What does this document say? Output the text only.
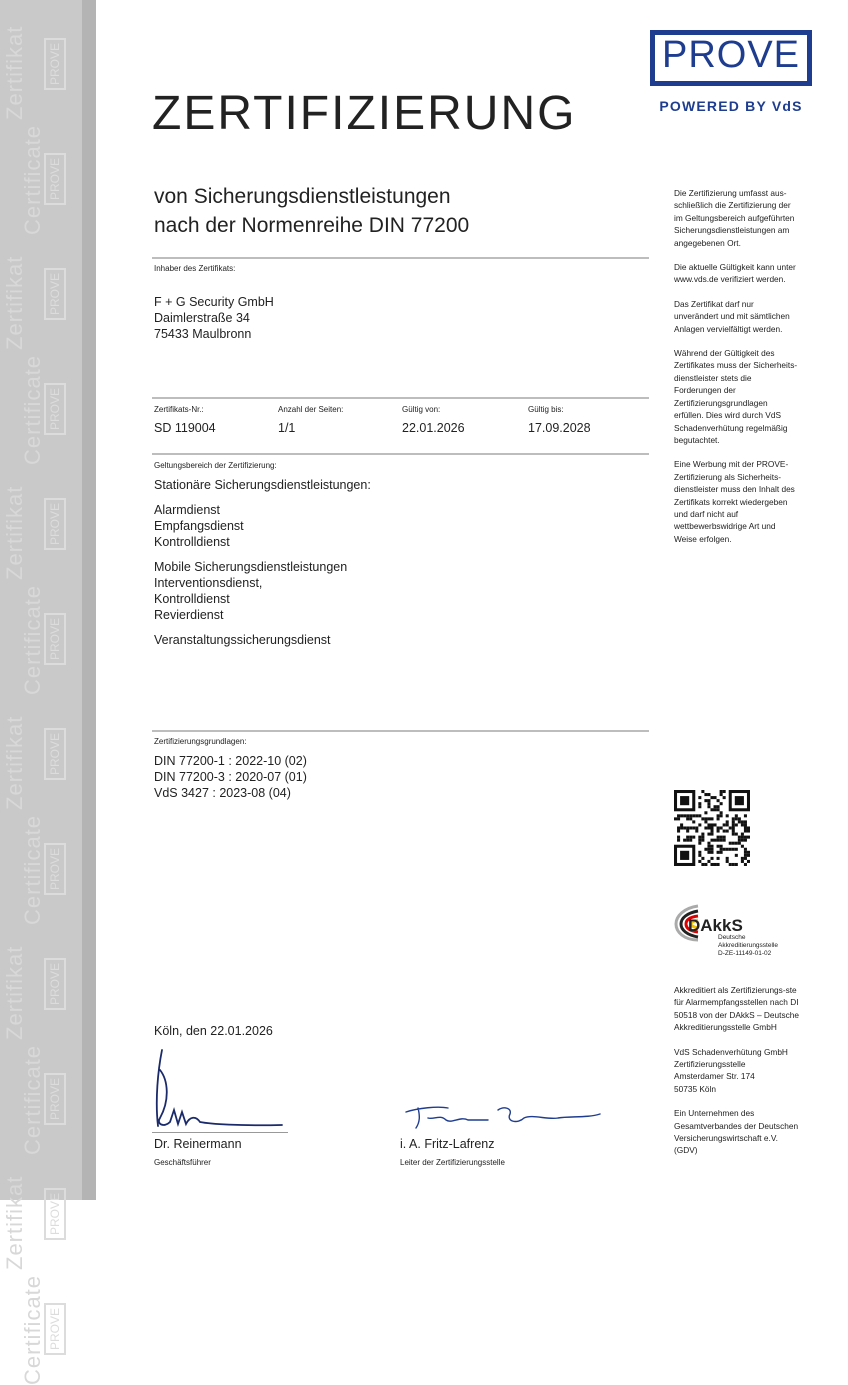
Zertifikat	PROVE
Certificate PROVE
Zertifikat	PROVE
Certificate PROVE
Zertifikat	PROVE
Certificate PROVE
Zertifikat	PROVE
Certificate PROVE
Zertifikat	PROVE
Certificate PROVE
Zertifikat	PROVE
Certificate PROVE
PROVE
POWERED BY VdS
ZERTIFIZIERUNG
von Sicherungsdienstleistungen
nach der Normenreihe DIN 77200
Inhaber des Zertifikats:
F + G Security GmbH
Daimlerstraße 34
75433 Maulbronn
Zertifikats-Nr.:
SD 119004
Anzahl der Seiten:
1/1
Gültig von:
22.01.2026
Gültig bis:
17.09.2028
Geltungsbereich der Zertifizierung:
Stationäre Sicherungsdienstleistungen:
Alarmdienst
Empfangsdienst
Kontrolldienst
Mobile Sicherungsdienstleistungen
Interventionsdienst,
Kontrolldienst
Revierdienst
Veranstaltungssicherungsdienst
Zertifizierungsgrundlagen:
DIN 77200-1 : 2022-10 (02)
DIN 77200-3 : 2020-07 (01)
VdS 3427 : 2023-08 (04)
Köln, den 22.01.2026
Dr. Reinermann
Geschäftsführer
i. A. Fritz-Lafrenz
Leiter der Zertifizierungsstelle

Die Zertifizierung umfasst aus-
schließlich die Zertifizierung der
im Geltungsbereich aufgeführten
Sicherungsdienstleistungen am
angegebenen Ort.

Die aktuelle Gültigkeit kann unter
www.vds.de verifiziert werden.

Das Zertifikat darf nur
unverändert und mit sämtlichen
Anlagen vervielfältigt werden.

Während der Gültigkeit des
Zertifikates muss der Sicherheits-
dienstleister stets die
Forderungen der
Zertifizierungsgrundlagen
erfüllen. Dies wird durch VdS
Schadenverhütung regelmäßig
begutachtet.

Eine Werbung mit der PROVE-
Zertifizierung als Sicherheits-
dienstleister muss den Inhalt des
Zertifikats korrekt wiedergeben
und darf nicht auf
wettbewerbswidrige Art und
Weise erfolgen.

DAkkS
Deutsche
Akkreditierungsstelle
D-ZE-11149-01-02

Akkreditiert als Zertifizierungs-ste
für Alarmempfangsstellen nach DI
50518 von der DAkkS – Deutsche
Akkreditierungsstelle GmbH

VdS Schadenverhütung GmbH
Zertifizierungsstelle
Amsterdamer Str. 174
50735 Köln

Ein Unternehmen des
Gesamtverbandes der Deutschen
Versicherungswirtschaft e.V.
(GDV)
